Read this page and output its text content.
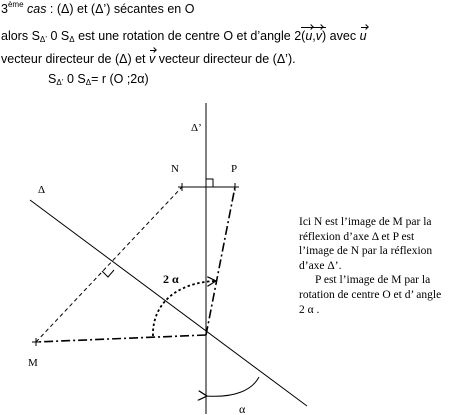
3ème cas : (Δ) et (Δ’) sécantes en O
alors $S_{\Delta’}$ 0 $S_\Delta$ est une rotation de centre O et d’angle 2(u,v) avec u
vecteur directeur de (Δ) et v vecteur directeur de (Δ’).
$S_{\Delta’}$ 0 $S_\Delta= r$ (O ;2α)
Δ’
Δ
N	P
M
2 α
α

Ici N est l’image de M par la réflexion d’axe Δ et P est l’image de N par la réflexion d’axe Δ’.

P est l’image de M par la rotation de centre O et d’ angle 2 α .
